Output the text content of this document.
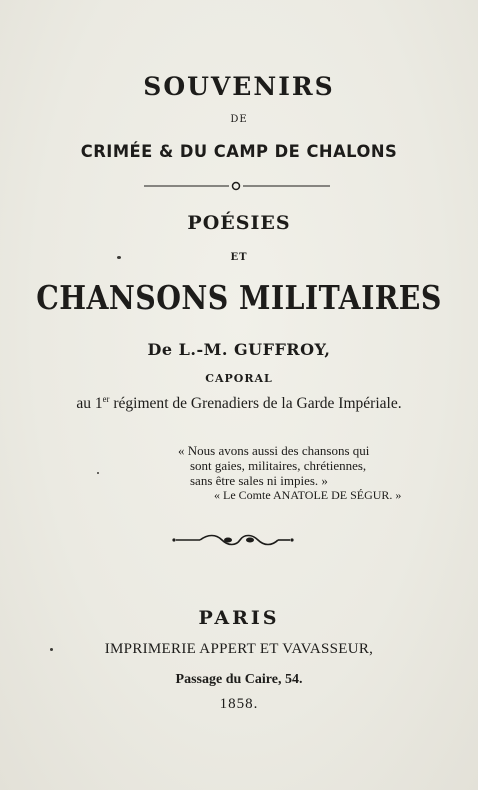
SOUVENIRS
DE
CRIMÉE & DU CAMP DE CHALONS
POÉSIES
ET
CHANSONS MILITAIRES
De L.-M. GUFFROY,
CAPORAL
au 1er régiment de Grenadiers de la Garde Impériale.
« Nous avons aussi des chansons qui
sont gaies, militaires, chrétiennes,
sans être sales ni impies. »
« Le Comte ANATOLE DE SÉGUR. »
PARIS
IMPRIMERIE APPERT ET VAVASSEUR,
Passage du Caire, 54.
1858.
